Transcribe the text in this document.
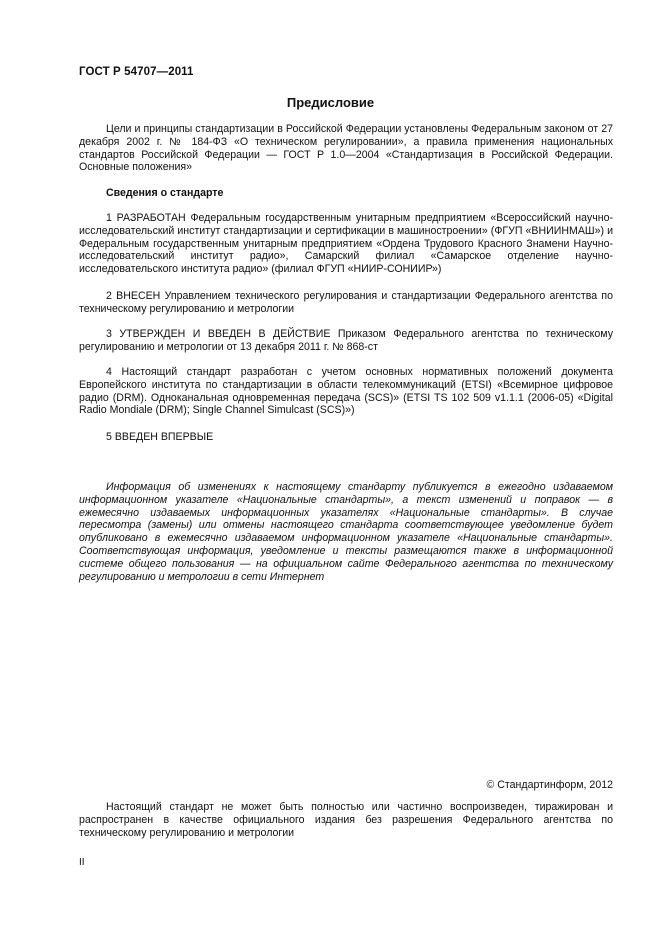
ГОСТ Р 54707—2011
Предисловие
Цели и принципы стандартизации в Российской Федерации установлены Федеральным законом от 27 декабря 2002 г. № 184-ФЗ «О техническом регулировании», а правила применения национальных стандартов Российской Федерации — ГОСТ Р 1.0—2004 «Стандартизация в Российской Федерации. Основные положения»
Сведения о стандарте
1 РАЗРАБОТАН Федеральным государственным унитарным предприятием «Всероссийский научно-исследовательский институт стандартизации и сертификации в машиностроении» (ФГУП «ВНИИНМАШ») и Федеральным государственным унитарным предприятием «Ордена Трудового Красного Знамени Научно-исследовательский институт радио», Самарский филиал «Самарское отделение научно-исследовательского института радио» (филиал ФГУП «НИИР-СОНИИР»)
2 ВНЕСЕН Управлением технического регулирования и стандартизации Федерального агентства по техническому регулированию и метрологии
3 УТВЕРЖДЕН И ВВЕДЕН В ДЕЙСТВИЕ Приказом Федерального агентства по техническому регулированию и метрологии от 13 декабря 2011 г. № 868-ст
4 Настоящий стандарт разработан с учетом основных нормативных положений документа Европейского института по стандартизации в области телекоммуникаций (ETSI) «Всемирное цифровое радио (DRM). Одноканальная одновременная передача (SCS)» (ETSI TS 102 509 v1.1.1 (2006-05) «Digital Radio Mondiale (DRM); Single Channel Simulcast (SCS)»)
5 ВВЕДЕН ВПЕРВЫЕ
Информация об изменениях к настоящему стандарту публикуется в ежегодно издаваемом информационном указателе «Национальные стандарты», а текст изменений и поправок — в ежемесячно издаваемых информационных указателях «Национальные стандарты». В случае пересмотра (замены) или отмены настоящего стандарта соответствующее уведомление будет опубликовано в ежемесячно издаваемом информационном указателе «Национальные стандарты». Соответствующая информация, уведомление и тексты размещаются также в информационной системе общего пользования — на официальном сайте Федерального агентства по техническому регулированию и метрологии в сети Интернет
© Стандартинформ, 2012
Настоящий стандарт не может быть полностью или частично воспроизведен, тиражирован и распространен в качестве официального издания без разрешения Федерального агентства по техническому регулированию и метрологии
II
